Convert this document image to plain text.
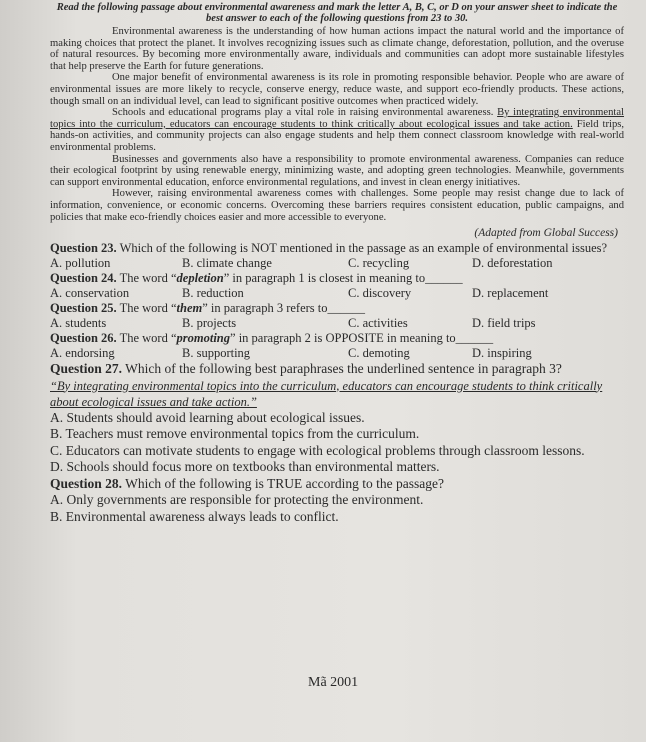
Read the following passage about environmental awareness and mark the letter A, B, C, or D on your answer sheet to indicate the best answer to each of the following questions from 23 to 30.

Environmental awareness is the understanding of how human actions impact the natural world and the importance of making choices that protect the planet. It involves recognizing issues such as climate change, deforestation, pollution, and the overuse of natural resources. By becoming more environmentally aware, individuals and communities can adopt more sustainable lifestyles that help preserve the Earth for future generations.

One major benefit of environmental awareness is its role in promoting responsible behavior. People who are aware of environmental issues are more likely to recycle, conserve energy, reduce waste, and support eco-friendly products. These actions, though small on an individual level, can lead to significant positive outcomes when practiced widely.

Schools and educational programs play a vital role in raising environmental awareness. By integrating environmental topics into the curriculum, educators can encourage students to think critically about ecological issues and take action. Field trips, hands-on activities, and community projects can also engage students and help them connect classroom knowledge with real-world environmental problems.

Businesses and governments also have a responsibility to promote environmental awareness. Companies can reduce their ecological footprint by using renewable energy, minimizing waste, and adopting green technologies. Meanwhile, governments can support environmental education, enforce environmental regulations, and invest in clean energy initiatives.

However, raising environmental awareness comes with challenges. Some people may resist change due to lack of information, convenience, or economic concerns. Overcoming these barriers requires consistent education, public campaigns, and policies that make eco-friendly choices easier and more accessible to everyone.

(Adapted from Global Success)

Question 23. Which of the following is NOT mentioned in the passage as an example of environmental issues?

A. pollution	B. climate change	C. recycling	D. deforestation

Question 24. The word “depletion” in paragraph 1 is closest in meaning to______

A. conservation	B. reduction	C. discovery	D. replacement

Question 25. The word “them” in paragraph 3 refers to______

A. students	B. projects	C. activities	D. field trips

Question 26. The word “promoting” in paragraph 2 is OPPOSITE in meaning to______

A. endorsing	B. supporting	C. demoting	D. inspiring

Question 27. Which of the following best paraphrases the underlined sentence in paragraph 3?

“By integrating environmental topics into the curriculum, educators can encourage students to think critically about ecological issues and take action.”

A. Students should avoid learning about ecological issues.

B. Teachers must remove environmental topics from the curriculum.

C. Educators can motivate students to engage with ecological problems through classroom lessons.

D. Schools should focus more on textbooks than environmental matters.

Question 28. Which of the following is TRUE according to the passage?

A. Only governments are responsible for protecting the environment.

B. Environmental awareness always leads to conflict.

Mã 2001
